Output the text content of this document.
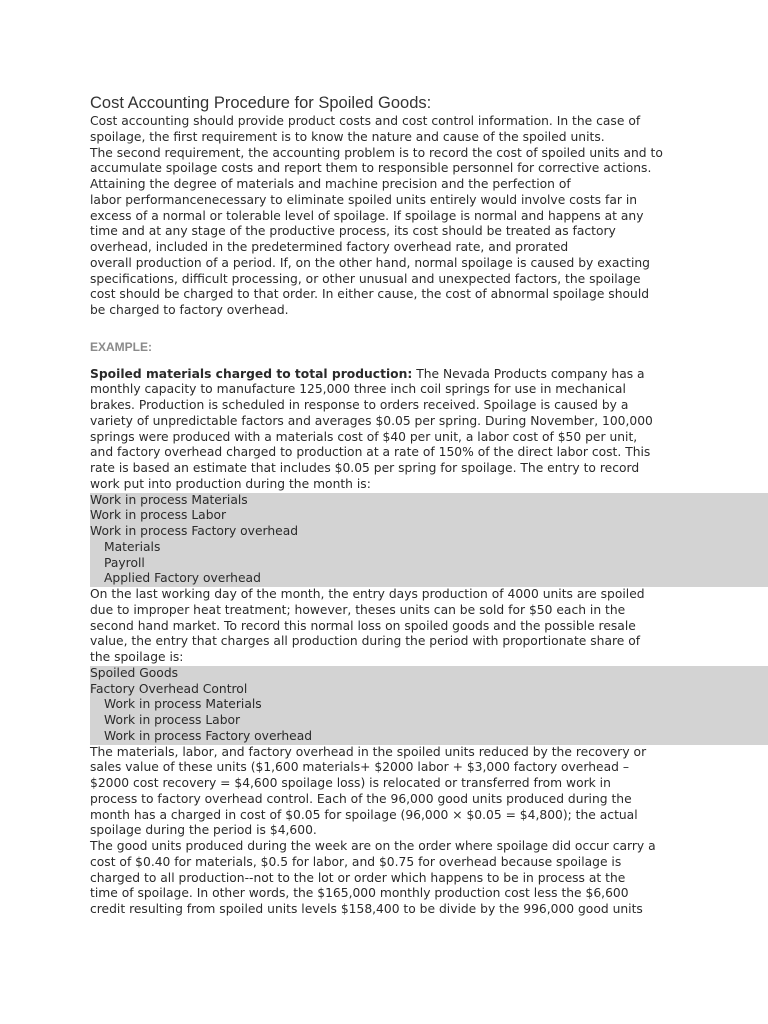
Cost Accounting Procedure for Spoiled Goods:
Cost accounting should provide product costs and cost control information. In the case of
spoilage, the first requirement is to know the nature and cause of the spoiled units.
The second requirement, the accounting problem is to record the cost of spoiled units and to
accumulate spoilage costs and report them to responsible personnel for corrective actions.
Attaining the degree of materials and machine precision and the perfection of
labor performancenecessary to eliminate spoiled units entirely would involve costs far in
excess of a normal or tolerable level of spoilage. If spoilage is normal and happens at any
time and at any stage of the productive process, its cost should be treated as factory
overhead, included in the predetermined factory overhead rate, and prorated
overall production of a period. If, on the other hand, normal spoilage is caused by exacting
specifications, difficult processing, or other unusual and unexpected factors, the spoilage
cost should be charged to that order. In either cause, the cost of abnormal spoilage should
be charged to factory overhead.
EXAMPLE:
Spoiled materials charged to total production: The Nevada Products company has a
monthly capacity to manufacture 125,000 three inch coil springs for use in mechanical
brakes. Production is scheduled in response to orders received. Spoilage is caused by a
variety of unpredictable factors and averages $0.05 per spring. During November, 100,000
springs were produced with a materials cost of $40 per unit, a labor cost of $50 per unit,
and factory overhead charged to production at a rate of 150% of the direct labor cost. This
rate is based an estimate that includes $0.05 per spring for spoilage. The entry to record
work put into production during the month is:
Work in process Materials
Work in process Labor
Work in process Factory overhead
Materials
Payroll
Applied Factory overhead
On the last working day of the month, the entry days production of 4000 units are spoiled
due to improper heat treatment; however, theses units can be sold for $50 each in the
second hand market. To record this normal loss on spoiled goods and the possible resale
value, the entry that charges all production during the period with proportionate share of
the spoilage is:
Spoiled Goods
Factory Overhead Control
Work in process Materials
Work in process Labor
Work in process Factory overhead
The materials, labor, and factory overhead in the spoiled units reduced by the recovery or
sales value of these units ($1,600 materials+ $2000 labor + $3,000 factory overhead –
$2000 cost recovery = $4,600 spoilage loss) is relocated or transferred from work in
process to factory overhead control. Each of the 96,000 good units produced during the
month has a charged in cost of $0.05 for spoilage (96,000 × $0.05 = $4,800); the actual
spoilage during the period is $4,600.
The good units produced during the week are on the order where spoilage did occur carry a
cost of $0.40 for materials, $0.5 for labor, and $0.75 for overhead because spoilage is
charged to all production--not to the lot or order which happens to be in process at the
time of spoilage. In other words, the $165,000 monthly production cost less the $6,600
credit resulting from spoiled units levels $158,400 to be divide by the 996,000 good units
